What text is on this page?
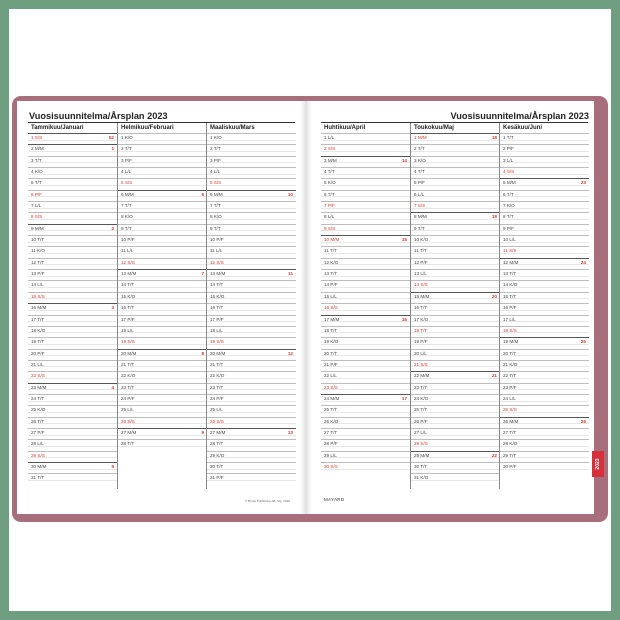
Vuosisuunnitelma/Årsplan 2023
Tammikuu/Januari
1 S/S	52
2 M/M	1
3 T/T
4 K/O
5 T/T
6 P/F
7 L/L
8 S/S
9 M/M	2
10 T/T
11 K/O
12 T/T
13 P/F
14 L/L
15 S/S
16 M/M	3
17 T/T
18 K/O
19 T/T
20 P/F
21 L/L
22 S/S
23 M/M	4
24 T/T
25 K/O
26 T/T
27 P/F
28 L/L
29 S/S
30 M/M	5
31 T/T
Helmikuu/Februari
1 K/O
2 T/T
3 P/F
4 L/L
5 S/S
6 M/M	6
7 T/T
8 K/O
9 T/T
10 P/F
11 L/L
12 S/S
13 M/M	7
14 T/T
15 K/O
16 T/T
17 P/F
18 L/L
19 S/S
20 M/M	8
21 T/T
22 K/O
23 T/T
24 P/F
25 L/L
26 S/S
27 M/M	9
28 T/T
Maaliskuu/Mars
1 K/O
2 T/T
3 P/F
4 L/L
5 S/S
6 M/M	10
7 T/T
8 K/O
9 T/T
10 P/F
11 L/L
12 S/S
13 M/M	11
14 T/T
15 K/O
16 T/T
17 P/F
18 L/L
19 S/S
20 M/M	12
21 T/T
22 K/O
23 T/T
24 P/F
25 L/L
26 S/S
27 M/M	13
28 T/T
29 K/O
30 T/T
31 P/F
© Burde Publishing AB, Sig. 7049
Vuosisuunnitelma/Årsplan 2023
Huhtikuu/April
1 L/L
2 S/S
3 M/M	14
4 T/T
5 K/O
6 T/T
7 P/F
8 L/L
9 S/S
10 M/M	15
11 T/T
12 K/O
13 T/T
14 P/F
15 L/L
16 S/S
17 M/M	16
18 T/T
19 K/O
20 T/T
21 P/F
22 L/L
23 S/S
24 M/M	17
25 T/T
26 K/O
27 T/T
28 P/F
29 L/L
30 S/S
Toukokuu/Maj
1 M/M	18
2 T/T
3 K/O
4 T/T
5 P/F
6 L/L
7 S/S
8 M/M	19
9 T/T
10 K/O
11 T/T
12 P/F
13 L/L
14 S/S
15 M/M	20
16 T/T
17 K/O
18 T/T
19 P/F
20 L/L
21 S/S
22 M/M	21
23 T/T
24 K/O
25 T/T
26 P/F
27 L/L
28 S/S
29 M/M	22
30 T/T
31 K/O
Kesäkuu/Juni
1 T/T
2 P/F
3 L/L
4 S/S
5 M/M	23
6 T/T
7 K/O
8 T/T
9 P/F
10 L/L
11 S/S
12 M/M	24
13 T/T
14 K/O
15 T/T
16 P/F
17 L/L
18 S/S
19 M/M	25
20 T/T
21 K/O
22 T/T
23 P/F
24 L/L
25 S/S
26 M/M	26
27 T/T
28 K/O
29 T/T
30 P/F
MAYARD
2023
